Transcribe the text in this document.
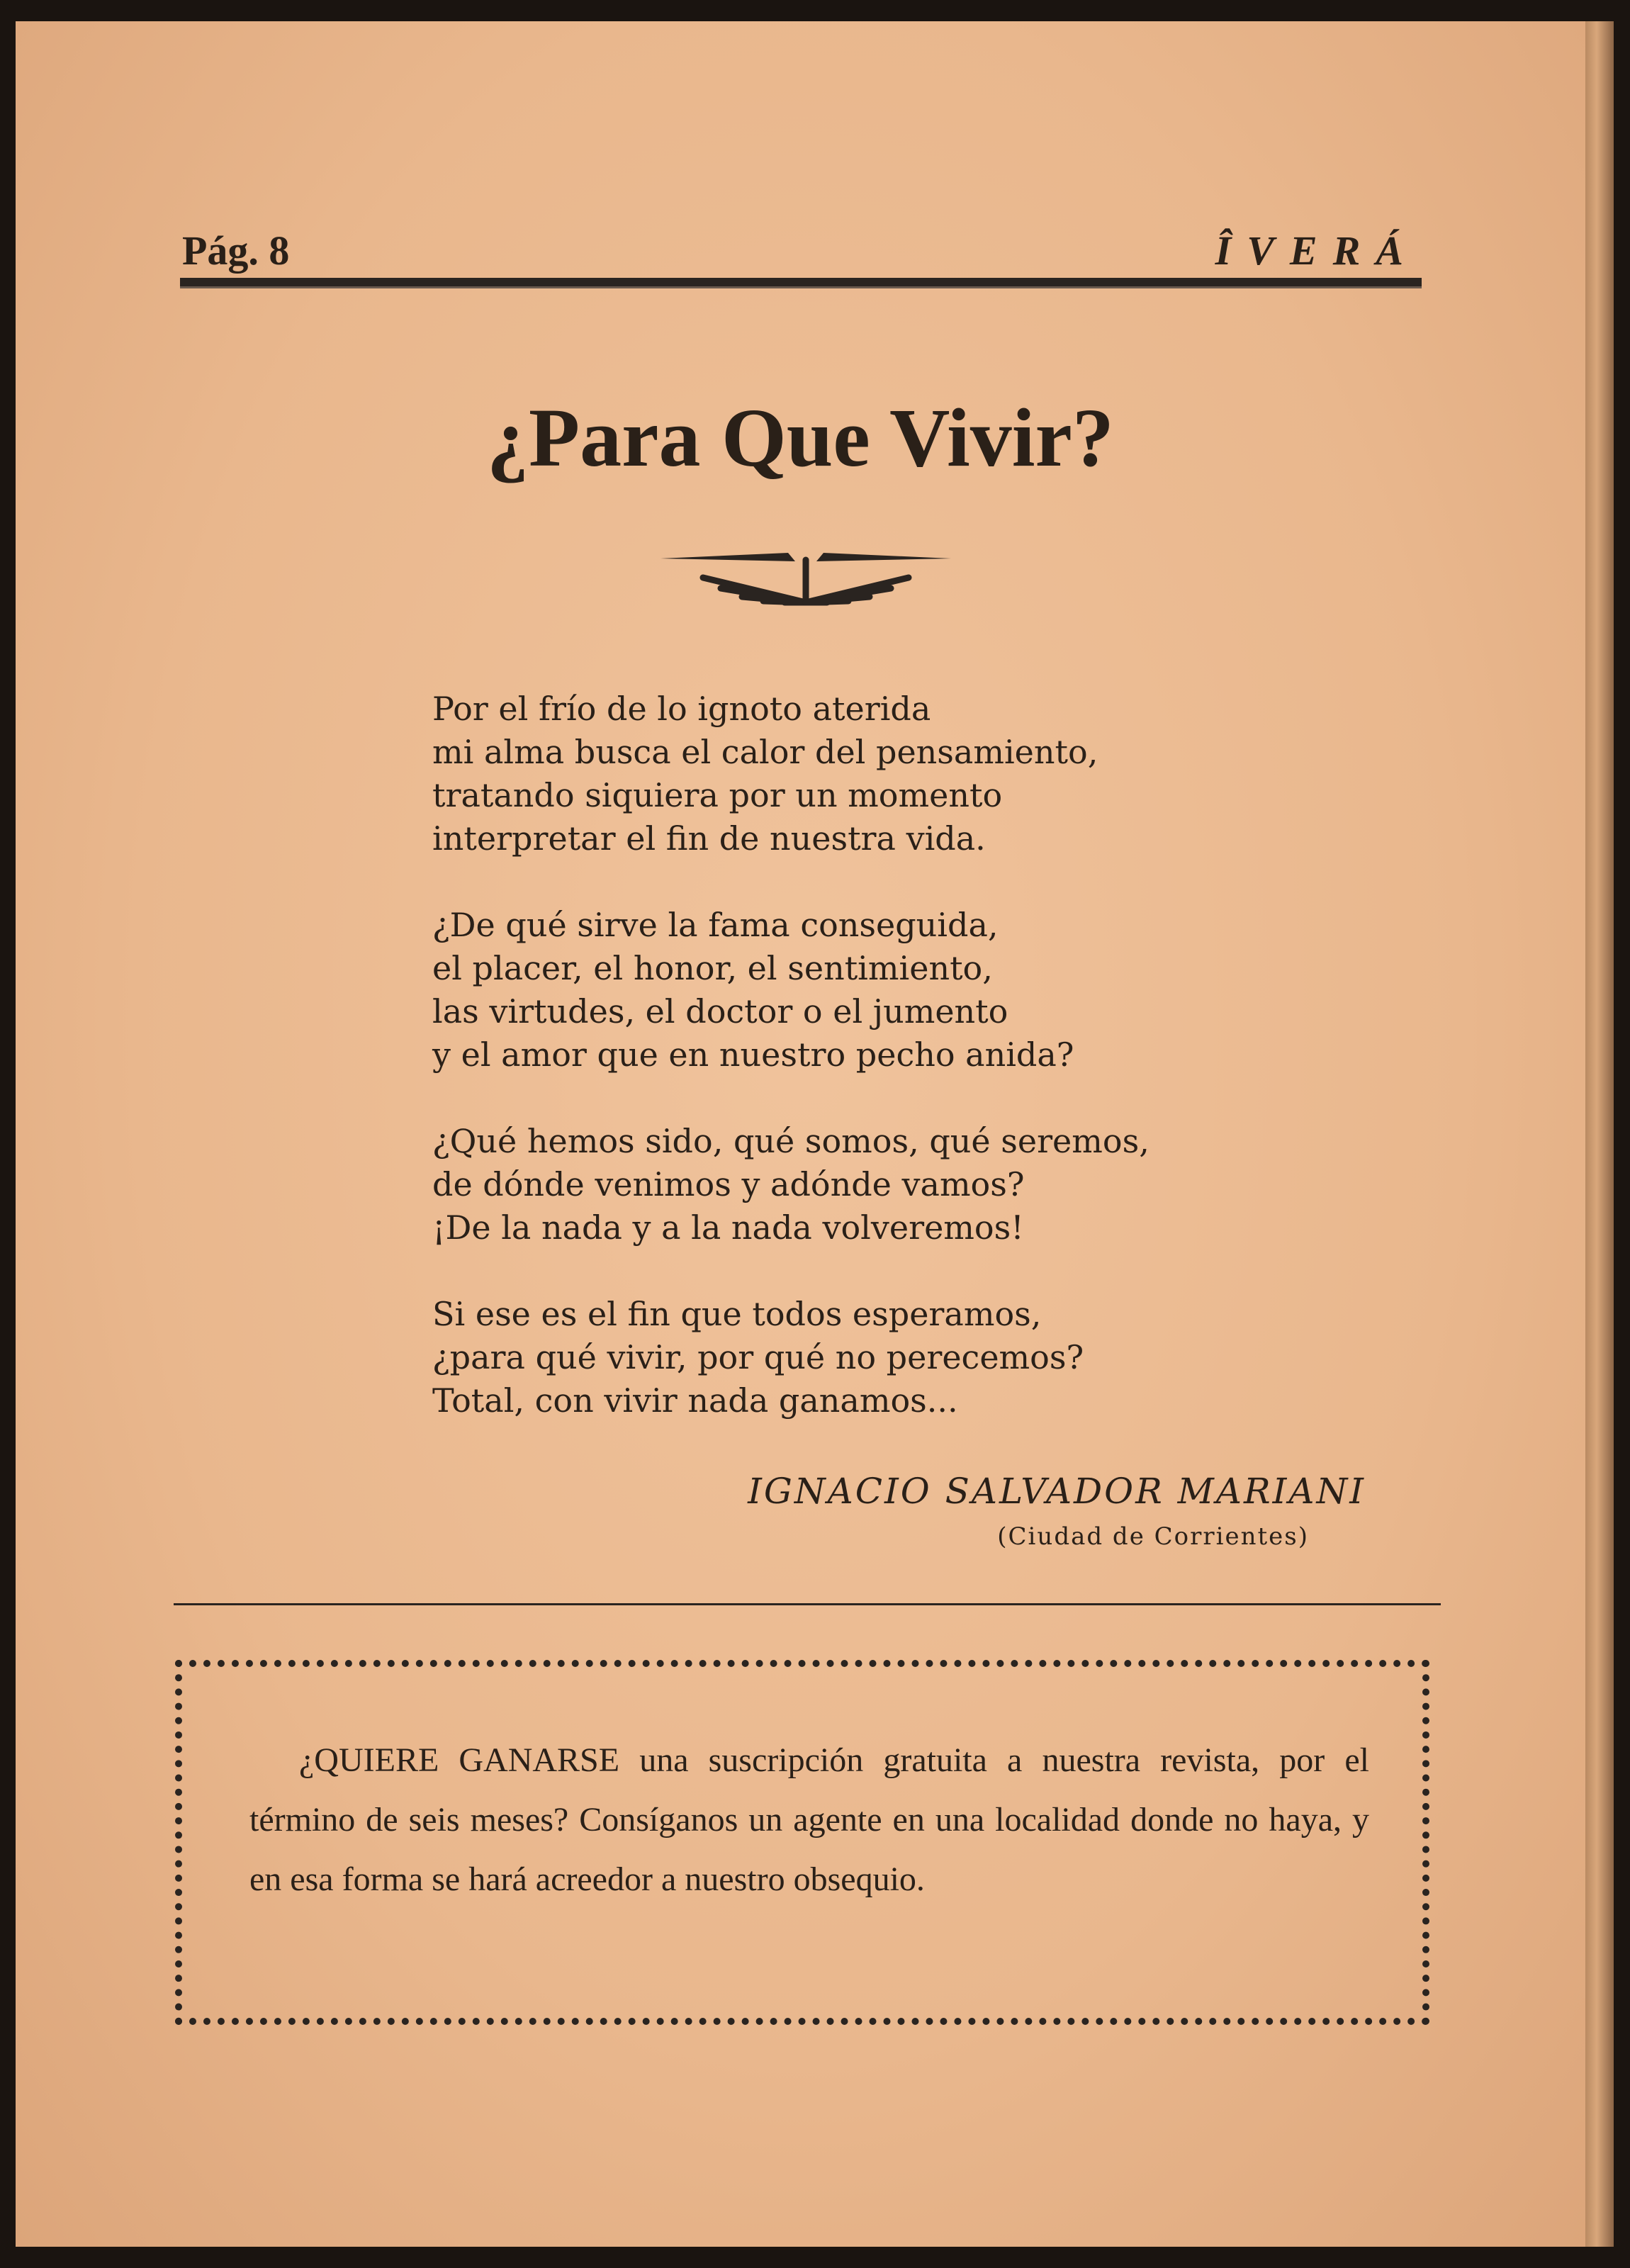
Pág. 8	ÎVERÁ
¿Para Que Vivir?
Por el frío de lo ignoto aterida
mi alma busca el calor del pensamiento,
tratando siquiera por un momento
interpretar el fin de nuestra vida.
¿De qué sirve la fama conseguida,
el placer, el honor, el sentimiento,
las virtudes, el doctor o el jumento
y el amor que en nuestro pecho anida?
¿Qué hemos sido, qué somos, qué seremos,
de dónde venimos y adónde vamos?
¡De la nada y a la nada volveremos!
Si ese es el fin que todos esperamos,
¿para qué vivir, por qué no perecemos?
Total, con vivir nada ganamos...
IGNACIO SALVADOR MARIANI
(Ciudad de Corrientes)
¿QUIERE GANARSE una suscripción gratuita a nuestra revista, por el término de seis meses? Consíganos un agente en una localidad donde no haya, y en esa forma se hará acreedor a nuestro obsequio.
